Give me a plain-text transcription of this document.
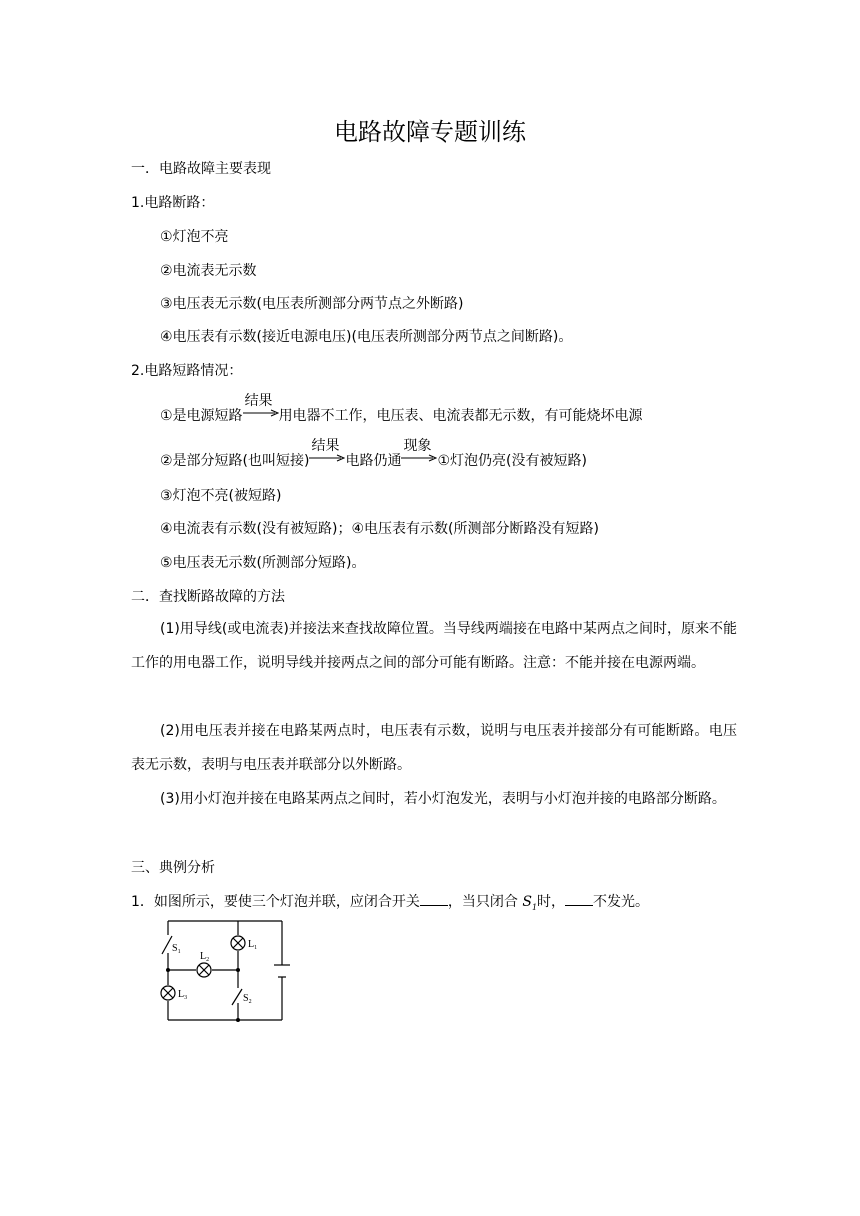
电路故障专题训练
一．电路故障主要表现
1.电路断路：
①灯泡不亮
②电流表无示数
③电压表无示数(电压表所测部分两节点之外断路)
④电压表有示数(接近电源电压)(电压表所测部分两节点之间断路)。
2.电路短路情况：
①是电源短路
结果
用电器不工作，电压表、电流表都无示数，有可能烧坏电源
②是部分短路(也叫短接)
结果
电路仍通
现象
①灯泡仍亮(没有被短路)
③灯泡不亮(被短路)
④电流表有示数(没有被短路)；④电压表有示数(所测部分断路没有短路)
⑤电压表无示数(所测部分短路)。
二．查找断路故障的方法
(1)用导线(或电流表)并接法来查找故障位置。当导线两端接在电路中某两点之间时，原来不能工作的用电器工作，说明导线并接两点之间的部分可能有断路。注意：不能并接在电源两端。
(2)用电压表并接在电路某两点时，电压表有示数，说明与电压表并接部分有可能断路。电压表无示数，表明与电压表并联部分以外断路。
(3)用小灯泡并接在电路某两点之间时，若小灯泡发光，表明与小灯泡并接的电路部分断路。
三、典例分析
1．如图所示，要使三个灯泡并联，应闭合开关 ，当只闭合 $S_1$时， 不发光。
$S_1$
$L_1$
$L_2$
$L_3$	$S_2$
